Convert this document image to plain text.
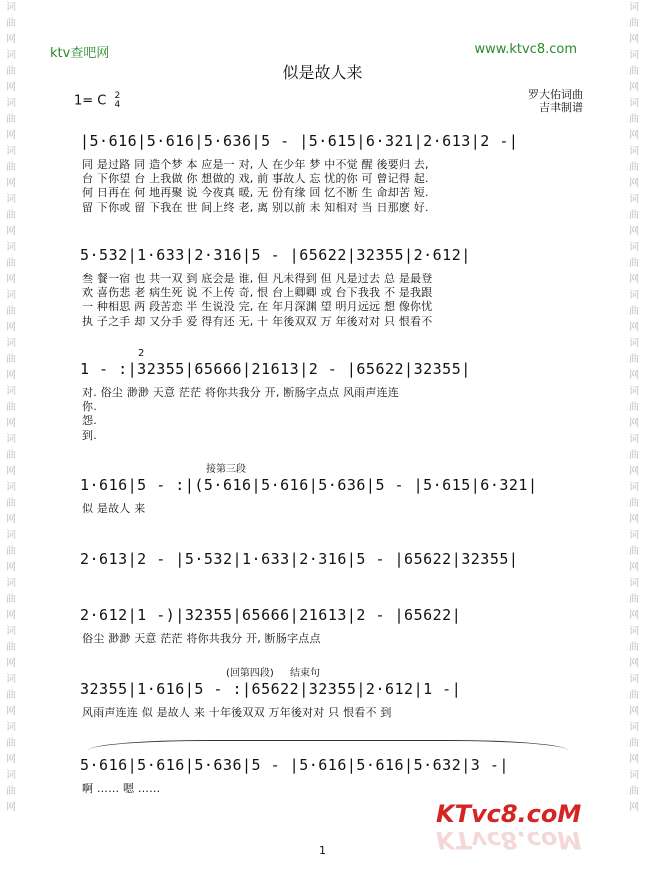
词 曲 网 词 曲 网 词 曲 网 词 曲 网 词 曲 网 词 曲 网 词 曲 网 词 曲 网 词 曲 网 词 曲 网 词 曲 网 词 曲 网 词 曲 网 词 曲 网 词 曲 网 词 曲 网 词 曲 网
词 曲 网 词 曲 网 词 曲 网 词 曲 网 词 曲 网 词 曲 网 词 曲 网 词 曲 网 词 曲 网 词 曲 网 词 曲 网 词 曲 网 词 曲 网 词 曲 网 词 曲 网 词 曲 网 词 曲 网
ktv查吧网	www.ktvc8.com
似是故人来
1= C 2
4
罗大佑词曲
吉聿制谱
|5·616|5·616|5·636|5 - |5·615|6·321|2·613|2 -|
同 是过路 同 造个梦 本 应是一 对, 人 在少年 梦 中不觉 醒 後要归 去,
台 下你望 台 上我做 你 想做的 戏, 前 事故人 忘 忧的你 可 曾记得 起.
何 日再在 何 地再聚 说 今夜真 暖, 无 份有缘 回 忆不断 生 命却苦 短.
留 下你或 留 下我在 世 间上终 老, 离 别以前 未 知相对 当 日那麽 好.
5·532|1·633|2·316|5 - |65622|32355|2·612|
叁 餐一宿 也 共一双 到 底会是 谁, 但 凡未得到 但 凡是过去 总 是最登
欢 喜伤悲 老 病生死 说 不上传 奇, 恨 台上卿卿 或 台下我我 不 是我跟
一 种相思 两 段苦恋 半 生说没 完, 在 年月深渊 望 明月远远 想 像你忧
执 子之手 却 又分手 爱 得有还 无, 十 年後双双 万 年後对对 只 恨看不
2
1 - :|32355|65666|21613|2 - |65622|32355|
对. 俗尘 渺渺 天意 茫茫 将你共我分 开, 断肠字点点 风雨声连连
你.
怨.
到.
接第三段
1·616|5 - :|(5·616|5·616|5·636|5 - |5·615|6·321|
似 是故人 来
2·613|2 - |5·532|1·633|2·316|5 - |65622|32355|
2·612|1 -)|32355|65666|21613|2 - |65622|
俗尘 渺渺 天意 茫茫 将你共我分 开, 断肠字点点
(回第四段) 结束句
32355|1·616|5 - :|65622|32355|2·612|1 -|
风雨声连连 似 是故人 来 十年後双双 万年後对对 只 恨看不 到
5·616|5·616|5·636|5 - |5·616|5·616|5·632|3 -|
啊 …… 嗯 ……
KTvc8.coM
KTvc8.coM
1
